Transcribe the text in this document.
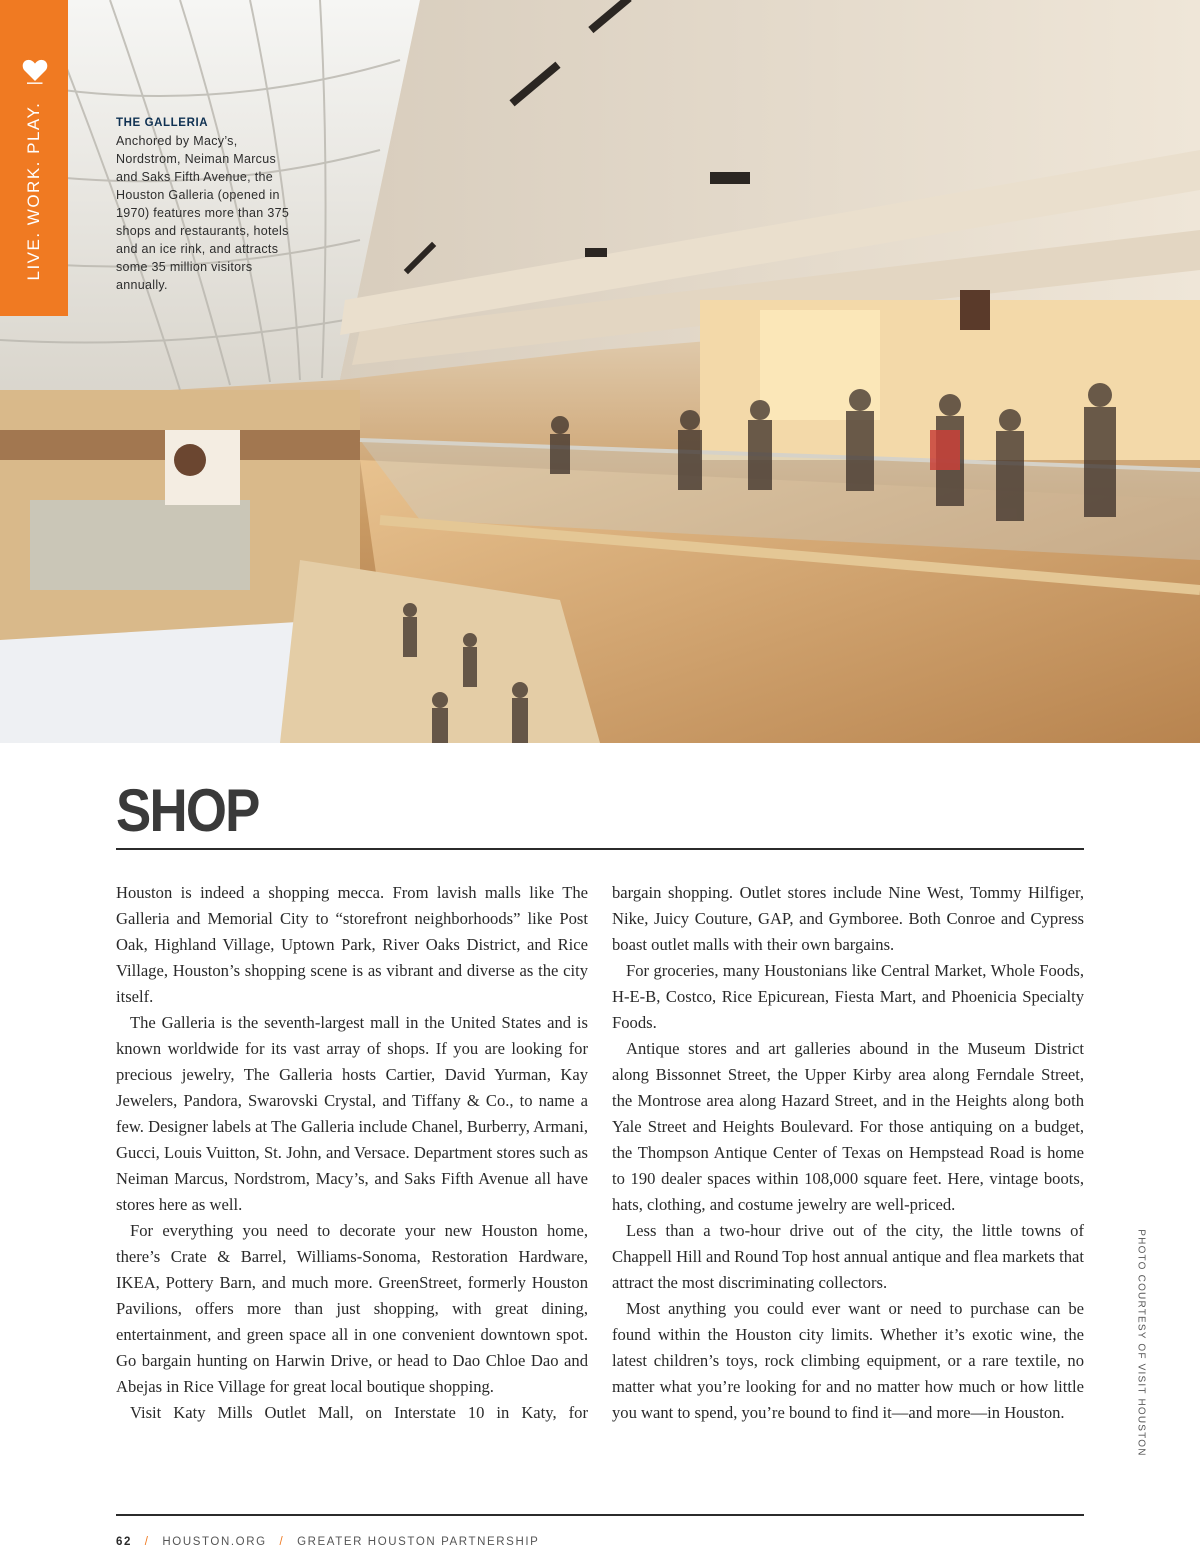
LIVE. WORK. PLAY. |
THE GALLERIA
Anchored by Macy’s, Nordstrom, Neiman Marcus and Saks Fifth Avenue, the Houston Galleria (opened in 1970) features more than 375 shops and restaurants, hotels and an ice rink, and attracts some 35 million visitors annually.
SHOP

Houston is indeed a shopping mecca. From lavish malls like The Galleria and Memorial City to “storefront neighborhoods” like Post Oak, Highland Village, Uptown Park, River Oaks District, and Rice Village, Houston’s shopping scene is as vibrant and diverse as the city itself.

The Galleria is the seventh-largest mall in the United States and is known worldwide for its vast array of shops. If you are looking for precious jewelry, The Galleria hosts Cartier, David Yurman, Kay Jewelers, Pandora, Swarovski Crystal, and Tiffany & Co., to name a few. Designer labels at The Galleria include Chanel, Burberry, Armani, Gucci, Louis Vuitton, St. John, and Versace. Department stores such as Neiman Marcus, Nordstrom, Macy’s, and Saks Fifth Avenue all have stores here as well.

For everything you need to decorate your new Houston home, there’s Crate & Barrel, Williams-Sonoma, Restoration Hardware, IKEA, Pottery Barn, and much more. GreenStreet, formerly Houston Pavilions, offers more than just shopping, with great dining, entertainment, and green space all in one convenient downtown spot. Go bargain hunting on Harwin Drive, or head to Dao Chloe Dao and Abejas in Rice Village for great local boutique shopping.

Visit Katy Mills Outlet Mall, on Interstate 10 in Katy, for

bargain shopping. Outlet stores include Nine West, Tommy Hilfiger, Nike, Juicy Couture, GAP, and Gymboree. Both Conroe and Cypress boast outlet malls with their own bargains.

For groceries, many Houstonians like Central Market, Whole Foods, H-E-B, Costco, Rice Epicurean, Fiesta Mart, and Phoenicia Specialty Foods.

Antique stores and art galleries abound in the Museum District along Bissonnet Street, the Upper Kirby area along Ferndale Street, the Montrose area along Hazard Street, and in the Heights along both Yale Street and Heights Boulevard. For those antiquing on a budget, the Thompson Antique Center of Texas on Hempstead Road is home to 190 dealer spaces within 108,000 square feet. Here, vintage boots, hats, clothing, and costume jewelry are well-priced.

Less than a two-hour drive out of the city, the little towns of Chappell Hill and Round Top host annual antique and flea markets that attract the most discriminating collectors.

Most anything you could ever want or need to purchase can be found within the Houston city limits. Whether it’s exotic wine, the latest children’s toys, rock climbing equipment, or a rare textile, no matter what you’re looking for and no matter how much or how little you want to spend, you’re bound to find it—and more—in Houston.	PHOTO COURTESY OF VISIT HOUSTON
62 / HOUSTON.ORG / GREATER HOUSTON PARTNERSHIP
